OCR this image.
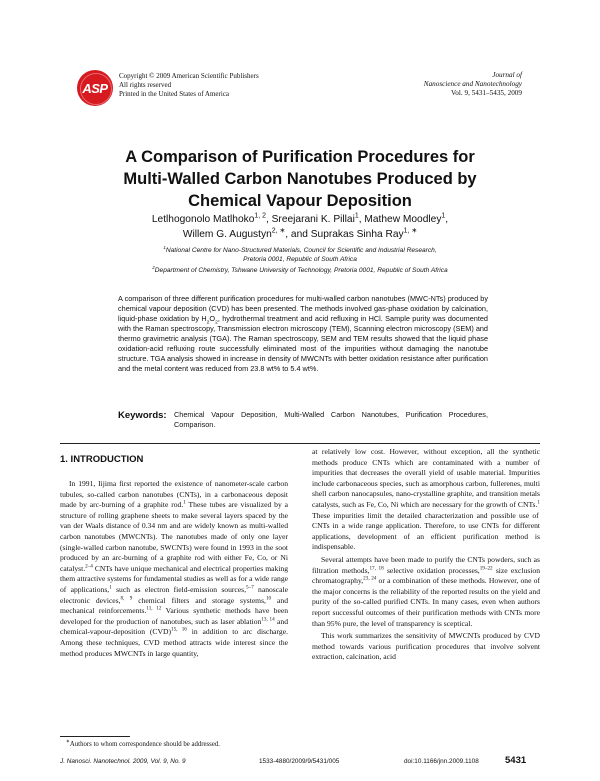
ASP
Copyright © 2009 American Scientific Publishers
All rights reserved
Printed in the United States of America
Journal of
Nanoscience and Nanotechnology
Vol. 9, 5431–5435, 2009
A Comparison of Purification Procedures for
Multi-Walled Carbon Nanotubes Produced by
Chemical Vapour Deposition
Letlhogonolo Matlhoko$^{1, 2}$, Sreejarani K. Pillai$^1$, Mathew Moodley$^1$,
Willem G. Augustyn$^{2, ∗}$, and Suprakas Sinha Ray$^{1, ∗}$
$^1$National Centre for Nano-Structured Materials, Council for Scientific and Industrial Research,
Pretoria 0001, Republic of South Africa
$^2$Department of Chemistry, Tshwane University of Technology, Pretoria 0001, Republic of South Africa
A comparison of three different purification procedures for multi-walled carbon nanotubes (MWC-NTs) produced by chemical vapour deposition (CVD) has been presented. The methods involved gas-phase oxidation by calcination, liquid-phase oxidation by $H_2O_2$, hydrothermal treatment and acid refluxing in HCl. Sample purity was documented with the Raman spectroscopy, Transmission electron microscopy (TEM), Scanning electron microscopy (SEM) and thermo gravimetric analysis (TGA). The Raman spectroscopy, SEM and TEM results showed that the liquid phase oxidation-acid refluxing route successfully eliminated most of the impurities without damaging the nanotube structure. TGA analysis showed in increase in density of MWCNTs with better oxidation resistance after purification and the metal content was reduced from 23.8 wt% to 5.4 wt%.
Keywords: Chemical Vapour Deposition, Multi-Walled Carbon Nanotubes, Purification Procedures, Comparison.
1. INTRODUCTION

In 1991, Iijima first reported the existence of nanometer-scale carbon tubules, so-called carbon nanotubes (CNTs), in a carbonaceous deposit made by arc-burning of a graphite rod.$^1$ These tubes are visualized by a structure of rolling graphene sheets to make several layers spaced by the van der Waals distance of 0.34 nm and are widely known as multi-walled carbon nanotubes (MWCNTs). The nanotubes made of only one layer (single-walled carbon nanotube, SWCNTs) were found in 1993 in the soot produced by an arc-burning of a graphite rod with either Fe, Co, or Ni catalyst.$^{2-4}$ CNTs have unique mechanical and electrical properties making them attractive systems for fundamental studies as well as for a wide range of applications,$^1$ such as electron field-emission sources,$^{5-7}$ nanoscale electronic devices,$^{8, 9}$ chemical filters and storage systems,$^{10}$ and mechanical reinforcements.$^{11, 12}$ Various synthetic methods have been developed for the production of nanotubes, such as laser ablation$^{13, 14}$ and chemical-vapour-deposition (CVD)$^{15, 16}$ in addition to arc discharge. Among these techniques, CVD method attracts wide interest since the method produces MWCNTs in large quantity,

at relatively low cost. However, without exception, all the synthetic methods produce CNTs which are contaminated with a number of impurities that decreases the overall yield of usable material. Impurities include carbonaceous species, such as amorphous carbon, fullerenes, multi shell carbon nanocapsules, nano-crystalline graphite, and transition metals catalysts, such as Fe, Co, Ni which are necessary for the growth of CNTs.$^1$ These impurities limit the detailed characterization and possible use of CNTs in a wide range application. Therefore, to use CNTs for different applications, development of an efficient purification method is indispensable.

Several attempts have been made to purify the CNTs powders, such as filtration methods,$^{17, 18}$ selective oxidation processes,$^{19-22}$ size exclusion chromatography,$^{23, 24}$ or a combination of these methods. However, one of the major concerns is the reliability of the reported results on the yield and purity of the so-called purified CNTs. In many cases, even when authors report successful outcomes of their purification methods with CNTs more than 95% pure, the level of transparency is sceptical.

This work summarizes the sensitivity of MWCNTs produced by CVD method towards various purification procedures that involve solvent extraction, calcination, acid

∗Authors to whom correspondence should be addressed.
J. Nanosci. Nanotechnol. 2009, Vol. 9, No. 9	1533-4880/2009/9/5431/005	doi:10.1166/jnn.2009.1108	5431
